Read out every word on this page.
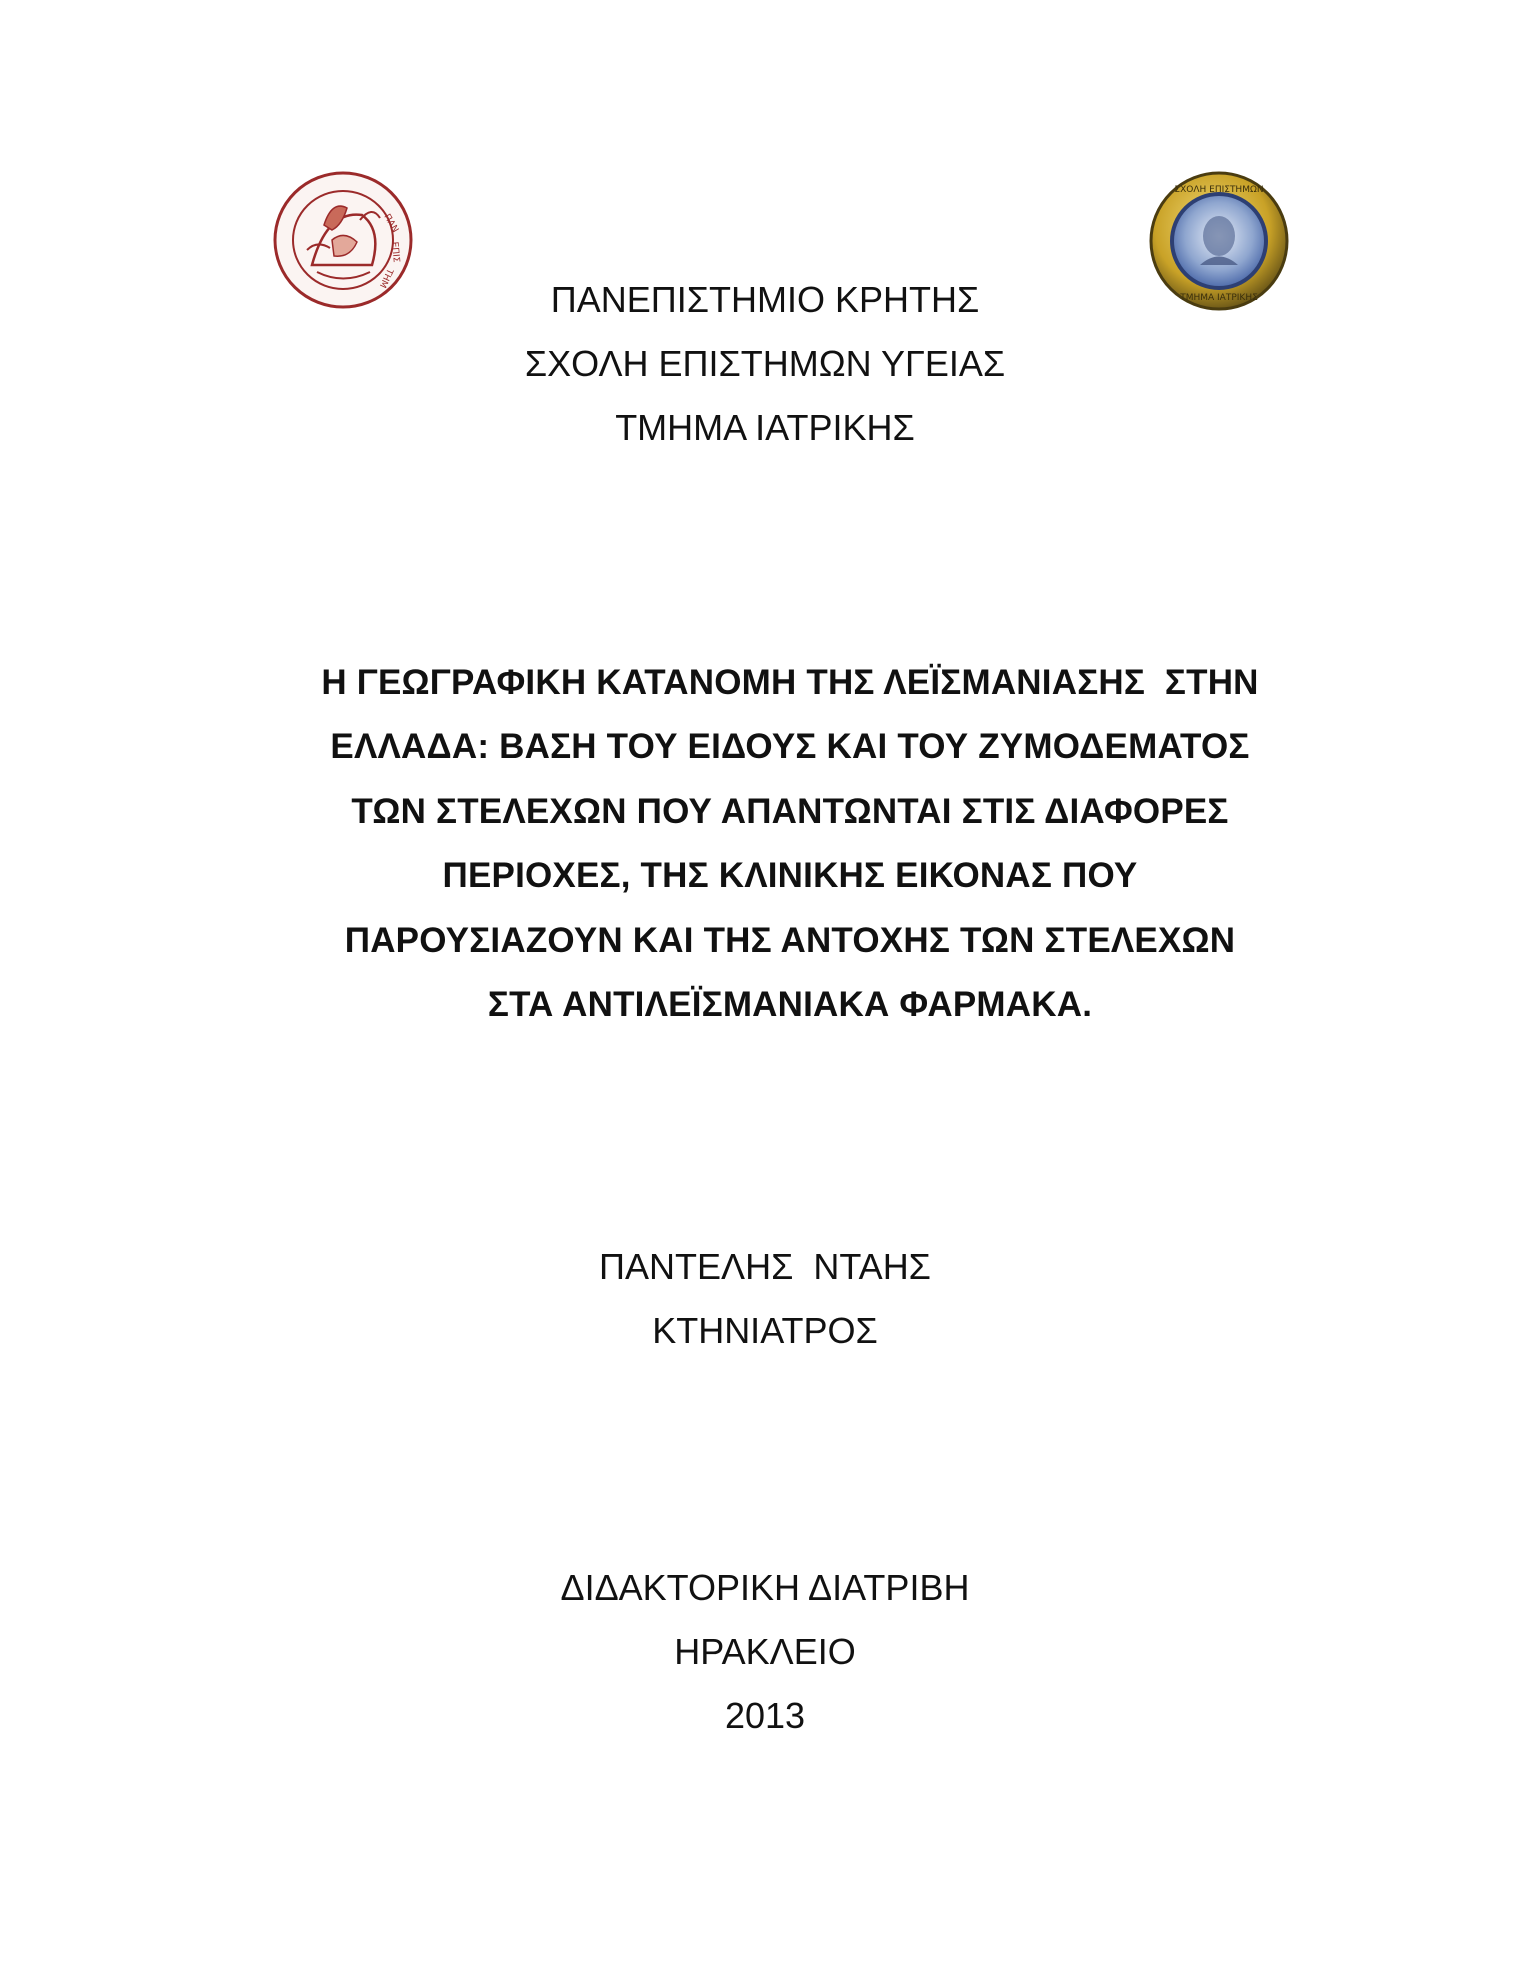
ΠΑΝ
ΕΠΙΣ
ΤΗΜ
ΣΧΟΛΗ ΕΠΙΣΤΗΜΩΝ
ΤΜΗΜΑ ΙΑΤΡΙΚΗΣ
ΠΑΝΕΠΙΣΤΗΜΙΟ ΚΡΗΤΗΣ
ΣΧΟΛΗ ΕΠΙΣΤΗΜΩΝ ΥΓΕΙΑΣ
ΤΜΗΜΑ ΙΑΤΡΙΚΗΣ
Η ΓΕΩΓΡΑΦΙΚΗ ΚΑΤΑΝΟΜΗ ΤΗΣ ΛΕΪΣΜΑΝΙΑΣΗΣ  ΣΤΗΝ
ΕΛΛΑΔΑ: ΒΑΣΗ ΤΟΥ ΕΙΔΟΥΣ ΚΑΙ ΤΟΥ ΖΥΜΟΔΕΜΑΤΟΣ
ΤΩΝ ΣΤΕΛΕΧΩΝ ΠΟΥ ΑΠΑΝΤΩΝΤΑΙ ΣΤΙΣ ΔΙΑΦΟΡΕΣ
ΠΕΡΙΟΧΕΣ, ΤΗΣ ΚΛΙΝΙΚΗΣ ΕΙΚΟΝΑΣ ΠΟΥ
ΠΑΡΟΥΣΙΑΖΟΥΝ ΚΑΙ ΤΗΣ ΑΝΤΟΧΗΣ ΤΩΝ ΣΤΕΛΕΧΩΝ
ΣΤΑ ΑΝΤΙΛΕΪΣΜΑΝΙΑΚΑ ΦΑΡΜΑΚΑ.
ΠΑΝΤΕΛΗΣ  ΝΤΑΗΣ
ΚΤΗΝΙΑΤΡΟΣ
ΔΙΔΑΚΤΟΡΙΚΗ ΔΙΑΤΡΙΒΗ
ΗΡΑΚΛΕΙΟ
2013
